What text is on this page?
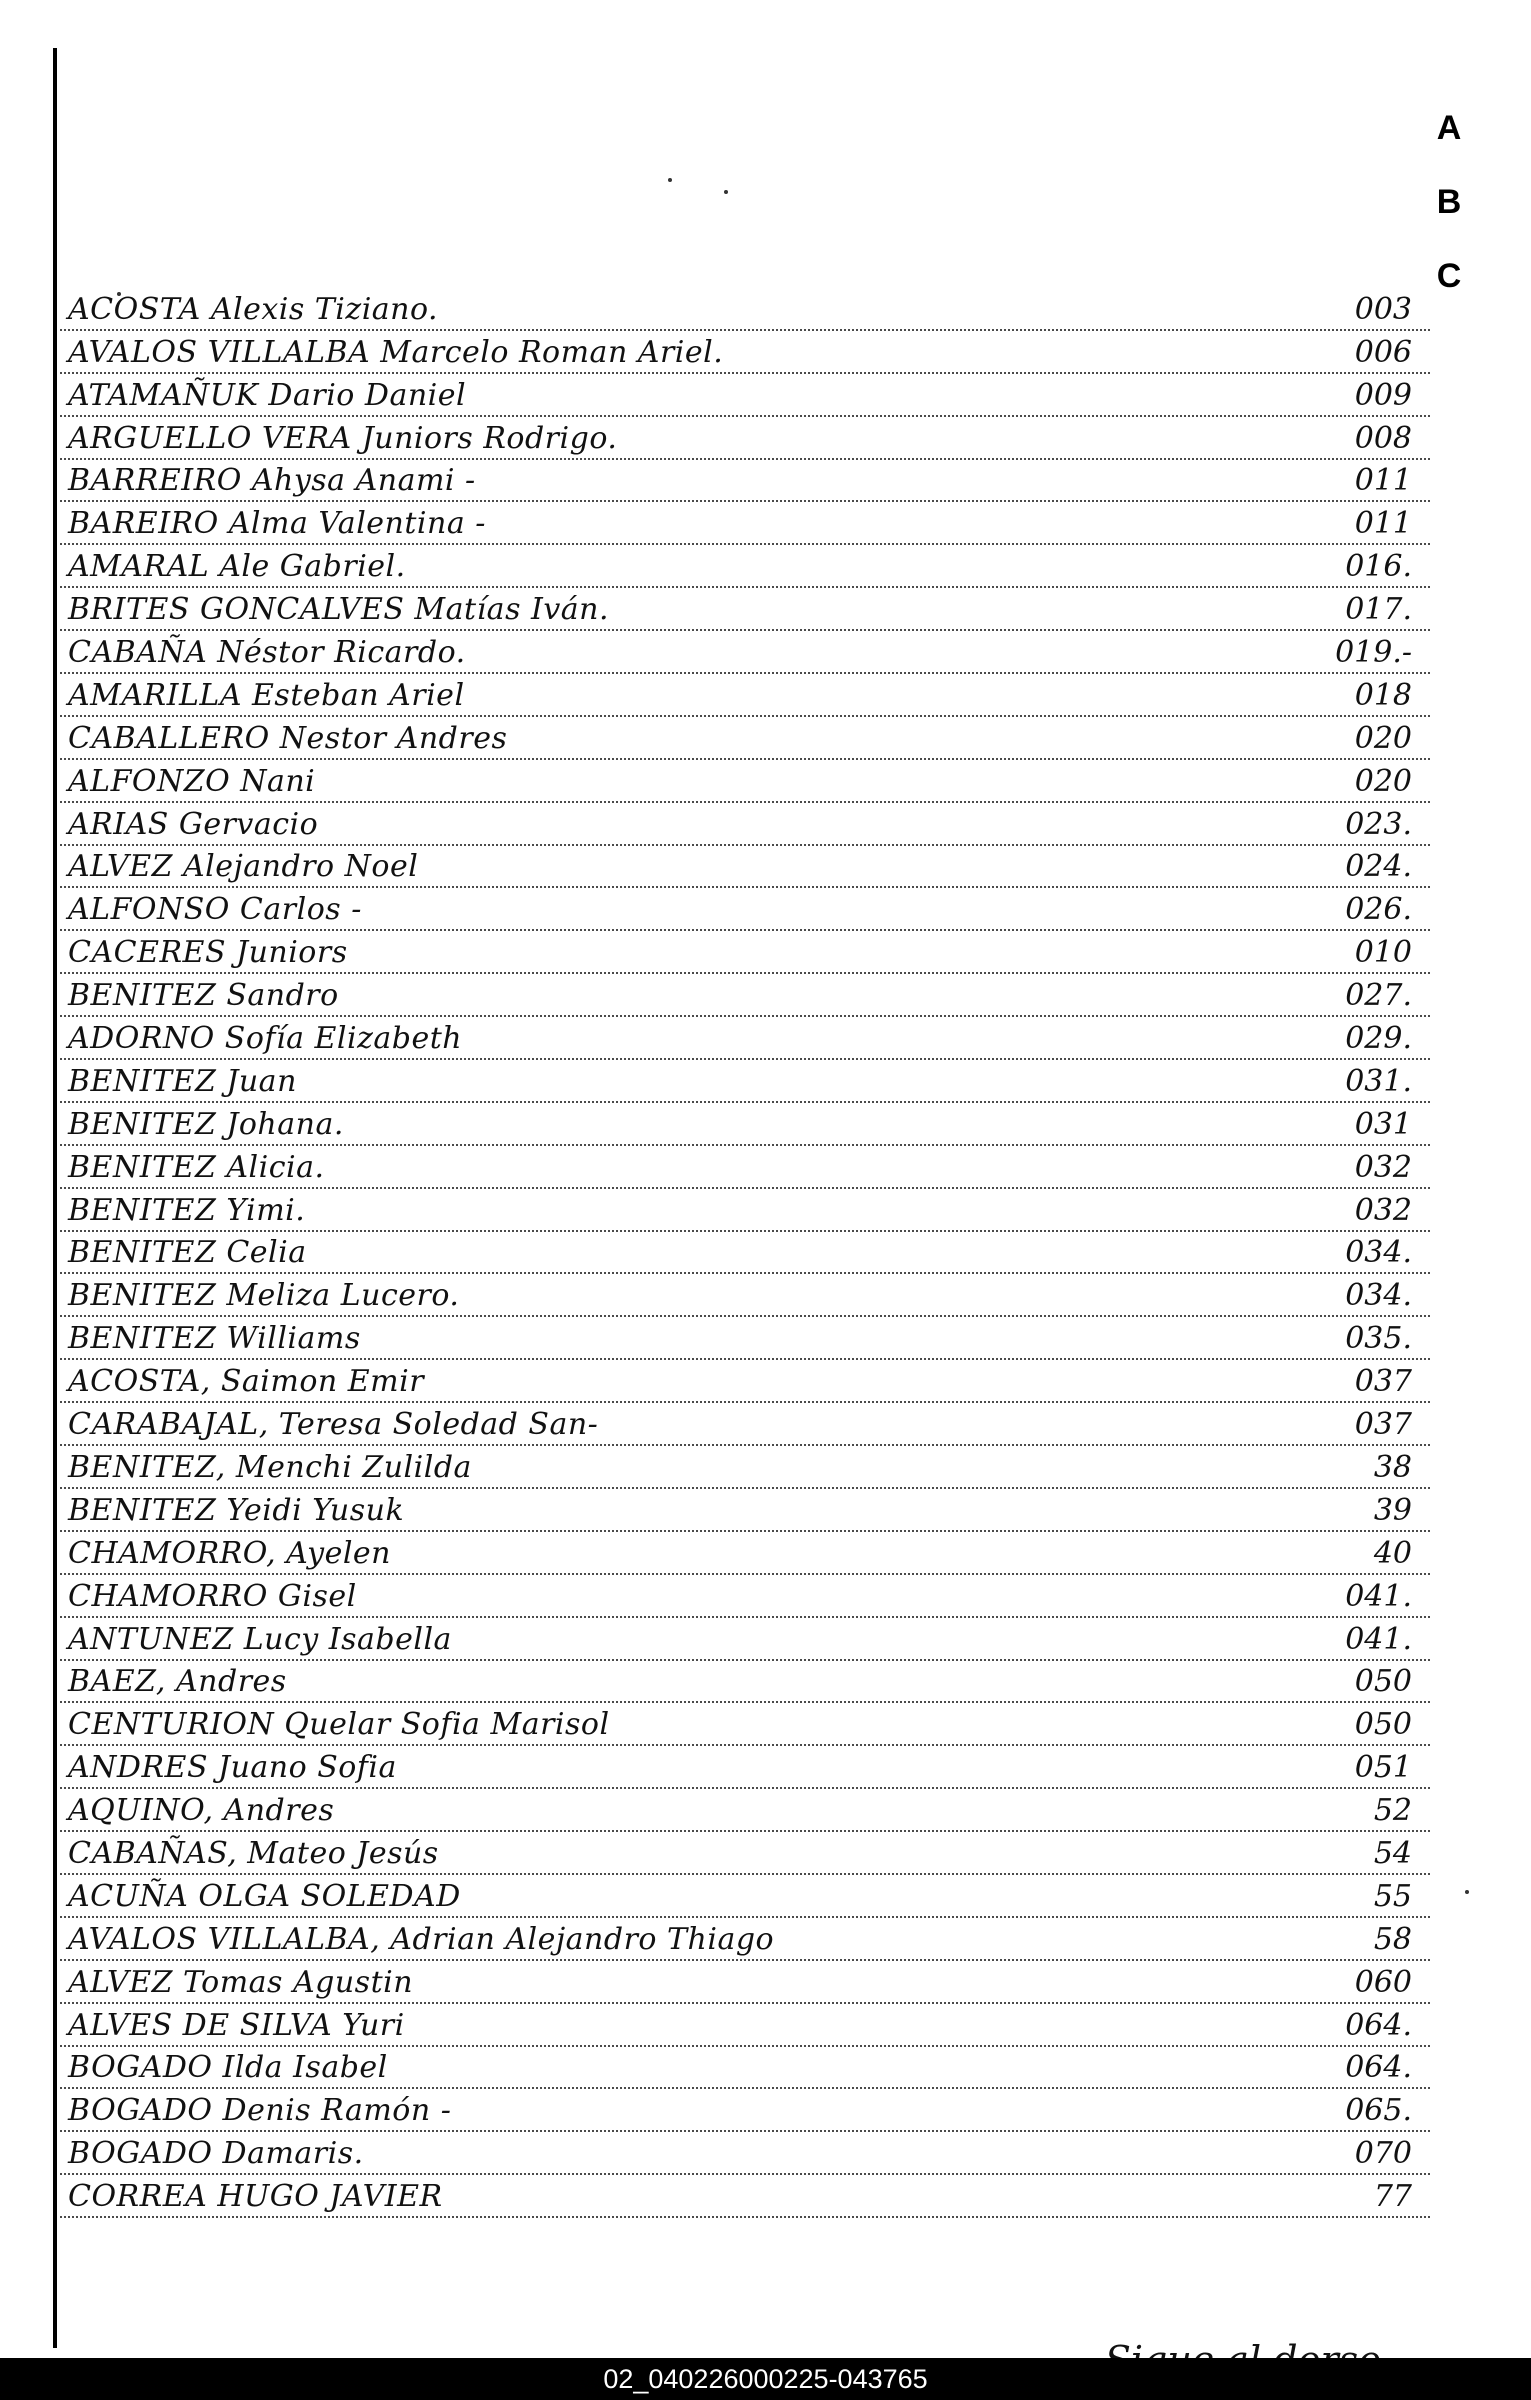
A
B
C
ACOSTA Alexis Tiziano.	003
AVALOS VILLALBA Marcelo Roman Ariel.	006
ATAMAÑUK Dario Daniel	009
ARGUELLO VERA Juniors Rodrigo.	008
BARREIRO Ahysa Anami -	011
BAREIRO Alma Valentina -	011
AMARAL Ale Gabriel.	016.
BRITES GONCALVES Matías Iván.	017.
CABAÑA Néstor Ricardo.	019.-
AMARILLA Esteban Ariel	018
CABALLERO Nestor Andres	020
ALFONZO Nani	020
ARIAS Gervacio	023.
ALVEZ Alejandro Noel	024.
ALFONSO Carlos -	026.
CACERES Juniors	010
BENITEZ Sandro	027.
ADORNO Sofía Elizabeth	029.
BENITEZ Juan	031.
BENITEZ Johana.	031
BENITEZ Alicia.	032
BENITEZ Yimi.	032
BENITEZ Celia	034.
BENITEZ Meliza Lucero.	034.
BENITEZ Williams	035.
ACOSTA, Saimon Emir	037
CARABAJAL, Teresa Soledad San-	037
BENITEZ, Menchi Zulilda	38
BENITEZ Yeidi Yusuk	39
CHAMORRO, Ayelen	40
CHAMORRO Gisel	041.
ANTUNEZ Lucy Isabella	041.
BAEZ, Andres	050
CENTURION Quelar Sofia Marisol	050
ANDRES Juano Sofia	051
AQUINO, Andres	52
CABAÑAS, Mateo Jesús	54
ACUÑA OLGA SOLEDAD	55
AVALOS VILLALBA, Adrian Alejandro Thiago	58
ALVEZ Tomas Agustin	060
ALVES DE SILVA Yuri	064.
BOGADO Ilda Isabel	064.
BOGADO Denis Ramón -	065.
BOGADO Damaris.	070
CORREA HUGO JAVIER	77
02_040226000225-043765
